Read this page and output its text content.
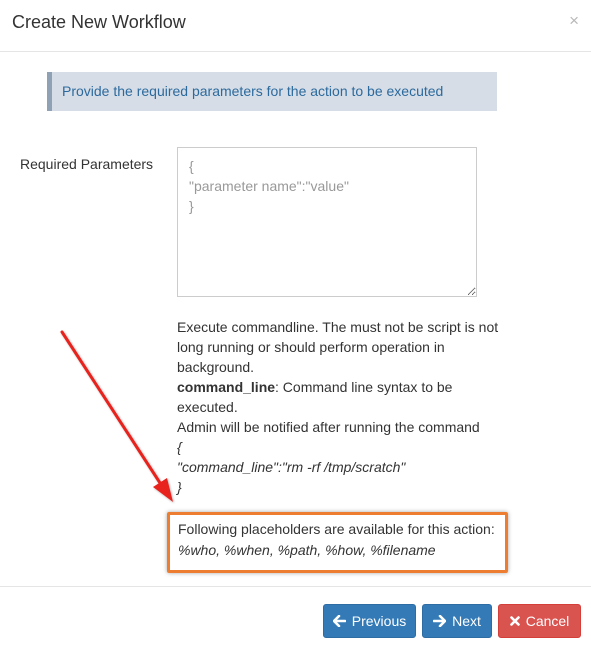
Create New Workflow	×
Provide the required parameters for the action to be executed
Required Parameters
{ "parameter name":"value" }
Execute commandline. The must not be script is not long running or should perform operation in background.
command_line: Command line syntax to be executed.
Admin will be notified after running the command
{
"command_line":"rm -rf /tmp/scratch"
}
Following placeholders are available for this action:
%who, %when, %path, %how, %filename
Previous	Next	Cancel
